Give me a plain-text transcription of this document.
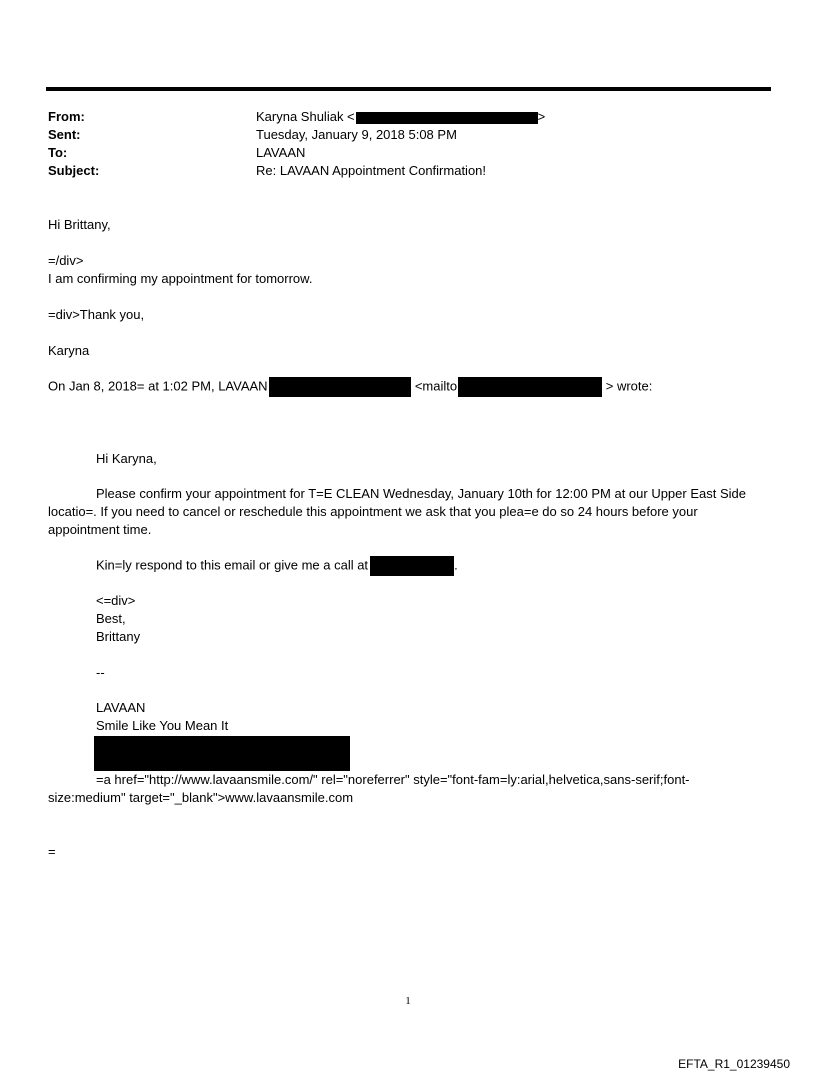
From:	Karyna Shuliak <	>
Sent:	Tuesday, January 9, 2018 5:08 PM
To:	LAVAAN
Subject:	Re: LAVAAN Appointment Confirmation!
Hi Brittany,
=/div>
I am confirming my appointment for tomorrow.
=div>Thank you,
Karyna
On Jan 8, 2018= at 1:02 PM, LAVAAN	<mailto	> wrote:
Hi Karyna,
Please confirm your appointment for T=E CLEAN Wednesday, January 10th for 12:00 PM at our Upper East Side locatio=. If you need to cancel or reschedule this appointment we ask that you plea=e do so 24 hours before your appointment time.
Kin=ly respond to this email or give me a call at	.
<=div>
Best,
Brittany
--
LAVAAN
Smile Like You Mean It
=a href="http://www.lavaansmile.com/" rel="noreferrer" style="font-fam=ly:arial,helvetica,sans-serif;font- size:medium" target="_blank">www.lavaansmile.com
=
1
EFTA_R1_01239450
